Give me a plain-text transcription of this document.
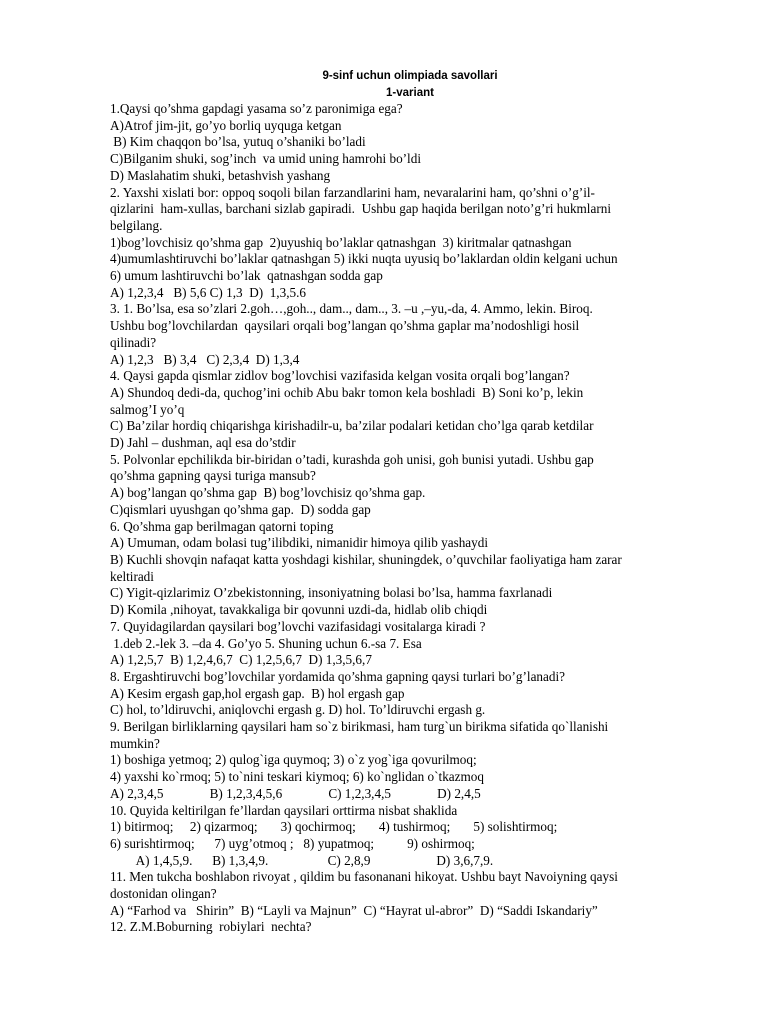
9-sinf uchun olimpiada savollari
1-variant
1.Qaysi qo’shma gapdagi yasama so’z paronimiga ega?
A)Atrof jim-jit, go’yo borliq uyquga ketgan
B) Kim chaqqon bo’lsa, yutuq o’shaniki bo’ladi
C)Bilganim shuki, sog’inch  va umid uning hamrohi bo’ldi
D) Maslahatim shuki, betashvish yashang
2. Yaxshi xislati bor: oppoq soqoli bilan farzandlarini ham, nevaralarini ham, qo’shni o’g’il-
qizlarini  ham-xullas, barchani sizlab gapiradi.  Ushbu gap haqida berilgan noto’g’ri hukmlarni
belgilang.
1)bog’lovchisiz qo’shma gap  2)uyushiq bo’laklar qatnashgan  3) kiritmalar qatnashgan
4)umumlashtiruvchi bo’laklar qatnashgan 5) ikki nuqta uyusiq bo’laklardan oldin kelgani uchun
6) umum lashtiruvchi bo’lak  qatnashgan sodda gap
A) 1,2,3,4   B) 5,6 C) 1,3  D)  1,3,5.6
3. 1. Bo’lsa, esa so’zlari 2.goh…,goh.., dam.., dam.., 3. –u ,–yu,-da, 4. Ammo, lekin. Biroq.
Ushbu bog’lovchilardan  qaysilari orqali bog’langan qo’shma gaplar ma’nodoshligi hosil
qilinadi?
A) 1,2,3   B) 3,4   C) 2,3,4  D) 1,3,4
4. Qaysi gapda qismlar zidlov bog’lovchisi vazifasida kelgan vosita orqali bog’langan?
A) Shundoq dedi-da, quchog’ini ochib Abu bakr tomon kela boshladi  B) Soni ko’p, lekin
salmog’I yo’q
C) Ba’zilar hordiq chiqarishga kirishadilr-u, ba’zilar podalari ketidan cho’lga qarab ketdilar
D) Jahl – dushman, aql esa do’stdir
5. Polvonlar epchilikda bir-biridan o’tadi, kurashda goh unisi, goh bunisi yutadi. Ushbu gap
qo’shma gapning qaysi turiga mansub?
A) bog’langan qo’shma gap  B) bog’lovchisiz qo’shma gap.
C)qismlari uyushgan qo’shma gap.  D) sodda gap
6. Qo’shma gap berilmagan qatorni toping
A) Umuman, odam bolasi tug’ilibdiki, nimanidir himoya qilib yashaydi
B) Kuchli shovqin nafaqat katta yoshdagi kishilar, shuningdek, o’quvchilar faoliyatiga ham zarar
keltiradi
C) Yigit-qizlarimiz O’zbekistonning, insoniyatning bolasi bo’lsa, hamma faxrlanadi
D) Komila ,nihoyat, tavakkaliga bir qovunni uzdi-da, hidlab olib chiqdi
7. Quyidagilardan qaysilari bog’lovchi vazifasidagi vositalarga kiradi ?
1.deb 2.-lek 3. –da 4. Go’yo 5. Shuning uchun 6.-sa 7. Esa
A) 1,2,5,7  B) 1,2,4,6,7  C) 1,2,5,6,7  D) 1,3,5,6,7
8. Ergashtiruvchi bog’lovchilar yordamida qo’shma gapning qaysi turlari bo’g’lanadi?
A) Kesim ergash gap,hol ergash gap.  B) hol ergash gap
C) hol, to’ldiruvchi, aniqlovchi ergash g. D) hol. To’ldiruvchi ergash g.
9. Berilgan birliklarning qaysilari ham so`z birikmasi, ham turg`un birikma sifatida qo`llanishi
mumkin?
1) boshiga yetmoq; 2) qulog`iga quymoq; 3) o`z yog`iga qovurilmoq;
4) yaxshi ko`rmoq; 5) to`nini teskari kiymoq; 6) ko`nglidan o`tkazmoq
A) 2,3,4,5              B) 1,2,3,4,5,6              C) 1,2,3,4,5              D) 2,4,5
10. Quyida keltirilgan fe’llardan qaysilari orttirma nisbat shaklida
1) bitirmoq;     2) qizarmoq;       3) qochirmoq;       4) tushirmoq;       5) solishtirmoq;
6) surishtirmoq;      7) uyg’otmoq ;   8) yupatmoq;          9) oshirmoq;
A) 1,4,5,9.      B) 1,3,4,9.                  C) 2,8,9                    D) 3,6,7,9.
11. Men tukcha boshlabon rivoyat , qildim bu fasonanani hikoyat. Ushbu bayt Navoiyning qaysi
dostonidan olingan?
A) “Farhod va   Shirin”  B) “Layli va Majnun”  C) “Hayrat ul-abror”  D) “Saddi Iskandariy”
12. Z.M.Boburning  robiylari  nechta?
